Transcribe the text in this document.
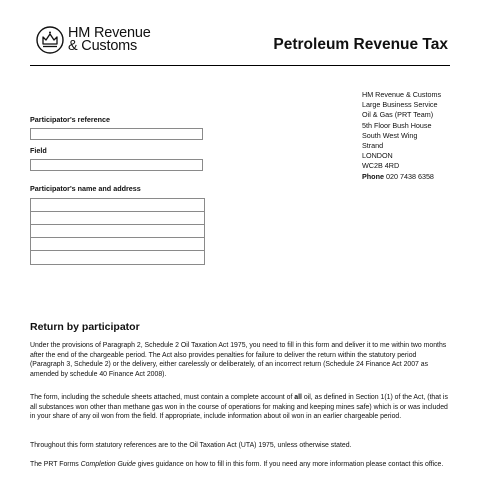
HM Revenue
& Customs	Petroleum Revenue Tax
HM Revenue & Customs
Large Business Service
Oil & Gas (PRT Team)
5th Floor Bush House
South West Wing
Strand
LONDON
WC2B 4RD
Phone 020 7438 6358
Participator's reference
Field
Participator's name and address
Return by participator
Under the provisions of Paragraph 2, Schedule 2 Oil Taxation Act 1975, you need to fill in this form and deliver it to me within two months after the end of the chargeable period. The Act also provides penalties for failure to deliver the return within the statutory period (Paragraph 3, Schedule 2) or the delivery, either carelessly or deliberately, of an incorrect return (Schedule 24 Finance Act 2007 as amended by schedule 40 Finance Act 2008).
The form, including the schedule sheets attached, must contain a complete account of all oil, as defined in Section 1(1) of the Act, (that is all substances won other than methane gas won in the course of operations for making and keeping mines safe) which is or was included in your share of any oil won from the field. If appropriate, include information about oil won in an earlier chargeable period.
Throughout this form statutory references are to the Oil Taxation Act (UTA) 1975, unless otherwise stated.
The PRT Forms Completion Guide gives guidance on how to fill in this form. If you need any more information please contact this office.
